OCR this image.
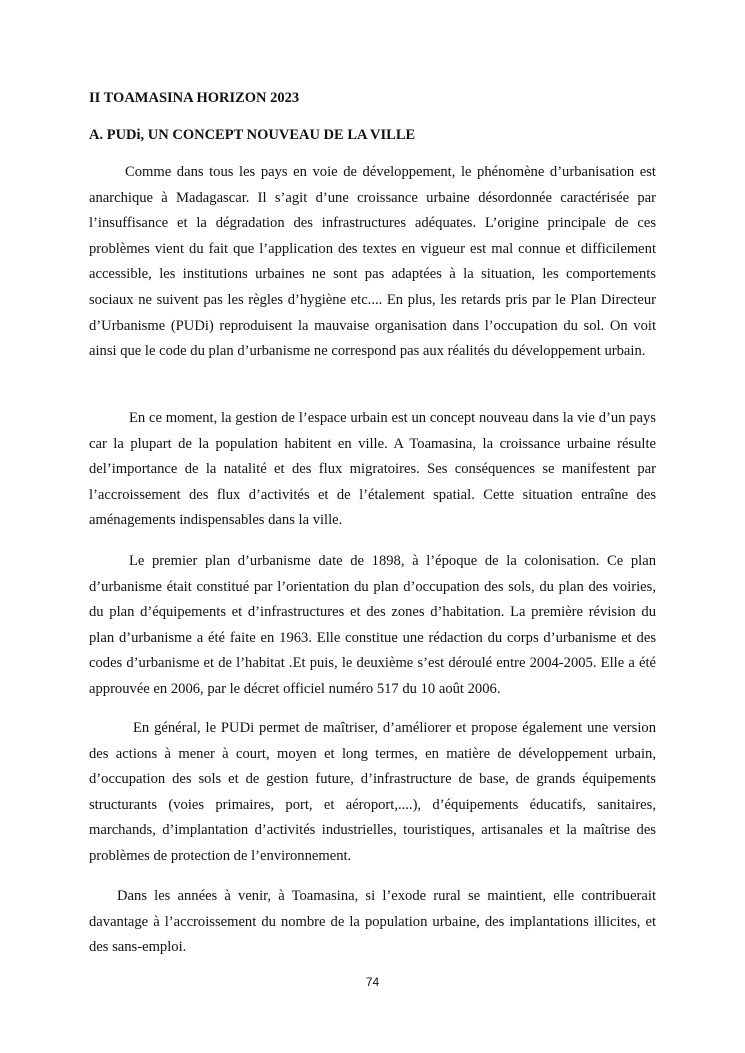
II TOAMASINA HORIZON 2023
A. PUDi, UN CONCEPT NOUVEAU DE LA VILLE

Comme dans tous les pays en voie de développement, le phénomène d’urbanisation est anarchique à Madagascar. Il s’agit d’une croissance urbaine désordonnée caractérisée par l’insuffisance et la dégradation des infrastructures adéquates. L’origine principale de ces problèmes vient du fait que l’application des textes en vigueur est mal connue et difficilement accessible, les institutions urbaines ne sont pas adaptées à la situation, les comportements sociaux ne suivent pas les règles d’hygiène etc.... En plus, les retards pris par le Plan Directeur d’Urbanisme (PUDi) reproduisent la mauvaise organisation dans l’occupation du sol. On voit ainsi que le code du plan d’urbanisme ne correspond pas aux réalités du développement urbain.

En ce moment, la gestion de l’espace urbain est un concept nouveau dans la vie d’un pays car la plupart de la population habitent en ville. A Toamasina, la croissance urbaine résulte del’importance de la natalité et des flux migratoires. Ses conséquences se manifestent par l’accroissement des flux d’activités et de l’étalement spatial. Cette situation entraîne des aménagements indispensables dans la ville.

Le premier plan d’urbanisme date de 1898, à l’époque de la colonisation. Ce plan d’urbanisme était constitué par l’orientation du plan d’occupation des sols, du plan des voiries, du plan d’équipements et d’infrastructures et des zones d’habitation. La première révision du plan d’urbanisme a été faite en 1963. Elle constitue une rédaction du corps d’urbanisme et des codes d’urbanisme et de l’habitat .Et puis, le deuxième s’est déroulé entre 2004-2005. Elle a été approuvée en 2006, par le décret officiel numéro 517 du 10 août 2006.

En général, le PUDi permet de maîtriser, d’améliorer et propose également une version des actions à mener à court, moyen et long termes, en matière de développement urbain, d’occupation des sols et de gestion future, d’infrastructure de base, de grands équipements structurants (voies primaires, port, et aéroport,....), d’équipements éducatifs, sanitaires, marchands, d’implantation d’activités industrielles, touristiques, artisanales et la maîtrise des problèmes de protection de l’environnement.

Dans les années à venir, à Toamasina, si l’exode rural se maintient, elle contribuerait davantage à l’accroissement du nombre de la population urbaine, des implantations illicites, et des sans-emploi.

74
